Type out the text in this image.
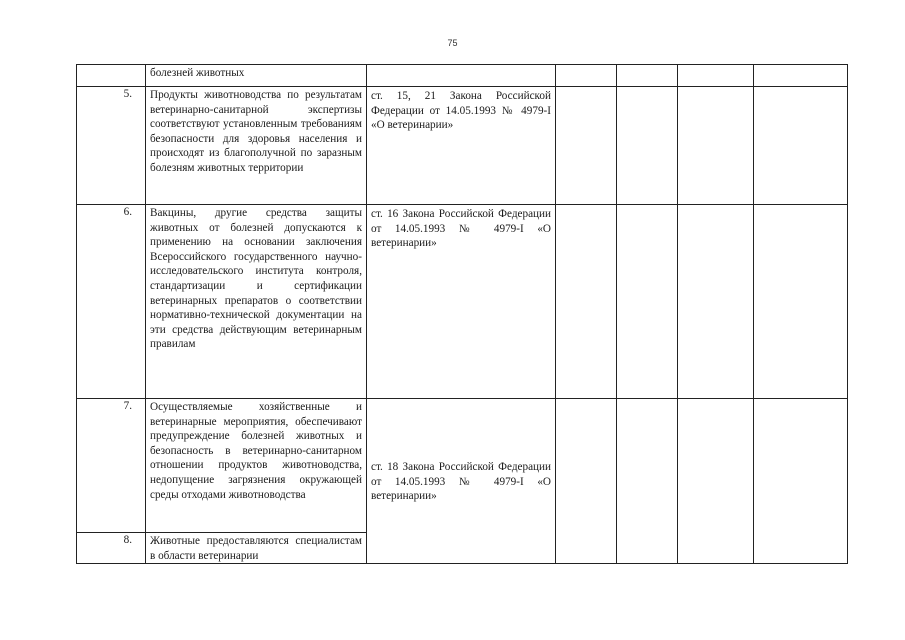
75

	болезней животных					

5.	Продукты животноводства по результатам ветеринарно-санитарной экспертизы соответствуют установленным требованиям безопасности для здоровья населения и происходят из благополучной по заразным болезням животных территории	ст. 15, 21 Закона Российской Федерации от 14.05.1993 № 4979-I «О ветеринарии»				

6.	Вакцины, другие средства защиты животных от болезней допускаются к применению на основании заключения Всероссийского государственного научно-исследовательского института контроля, стандартизации и сертификации ветеринарных препаратов о соответствии нормативно-технической документации на эти средства действующим ветеринарным правилам	ст. 16 Закона Российской Федерации от 14.05.1993 № 4979-I «О ветеринарии»				

7.	Осуществляемые хозяйственные и ветеринарные мероприятия, обеспечивают предупреждение болезней животных и безопасность в ветеринарно-санитарном отношении продуктов животноводства, недопущение загрязнения окружающей среды отходами животноводства	ст. 18 Закона Российской Федерации от 14.05.1993 № 4979-I «О ветеринарии»				

8.	Животные предоставляются специалистам в области ветеринарии					
